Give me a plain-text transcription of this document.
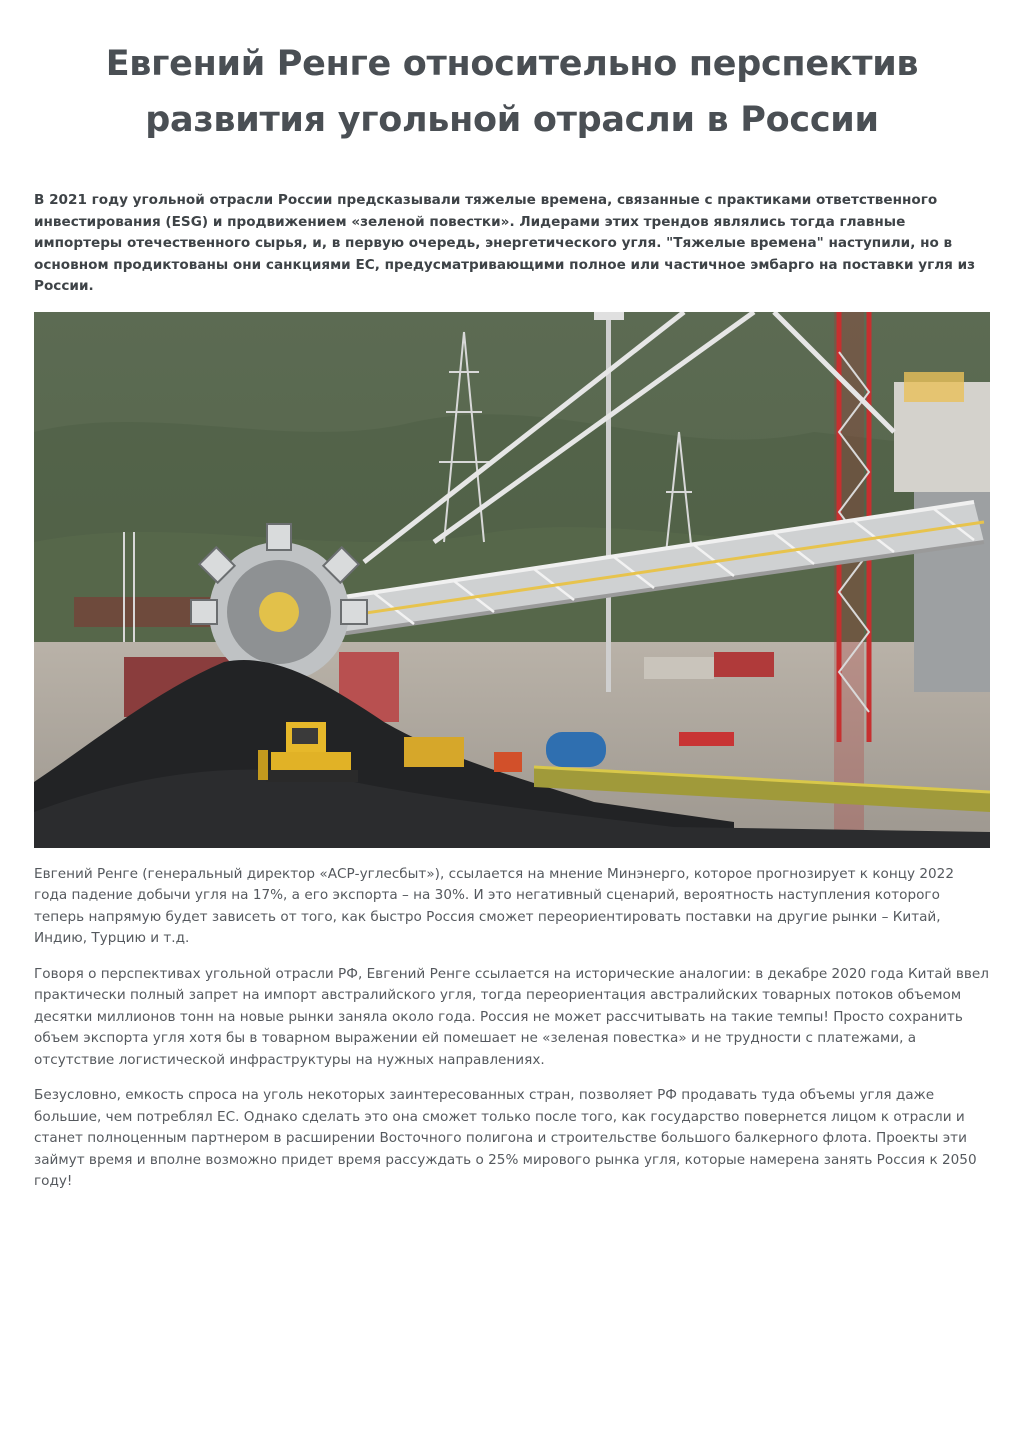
Евгений Ренге относительно перспектив развития угольной отрасли в России

В 2021 году угольной отрасли России предсказывали тяжелые времена, связанные с практиками ответственного инвестирования (ESG) и продвижением «зеленой повестки». Лидерами этих трендов являлись тогда главные импортеры отечественного сырья, и, в первую очередь, энергетического угля. "Тяжелые времена" наступили, но в основном продиктованы они санкциями ЕС, предусматривающими полное или частичное эмбарго на поставки угля из России.

Евгений Ренге (генеральный директор «АСР-углесбыт»), ссылается на мнение Минэнерго, которое прогнозирует к концу 2022 года падение добычи угля на 17%, а его экспорта – на 30%. И это негативный сценарий, вероятность наступления которого теперь напрямую будет зависеть от того, как быстро Россия сможет переориентировать поставки на другие рынки – Китай, Индию, Турцию и т.д.

Говоря о перспективах угольной отрасли РФ, Евгений Ренге ссылается на исторические аналогии: в декабре 2020 года Китай ввел практически полный запрет на импорт австралийского угля, тогда переориентация австралийских товарных потоков объемом десятки миллионов тонн на новые рынки заняла около года. Россия не может рассчитывать на такие темпы! Просто сохранить объем экспорта угля хотя бы в товарном выражении ей помешает не «зеленая повестка» и не трудности с платежами, а отсутствие логистической инфраструктуры на нужных направлениях.

Безусловно, емкость спроса на уголь некоторых заинтересованных стран, позволяет РФ продавать туда объемы угля даже большие, чем потреблял ЕС. Однако сделать это она сможет только после того, как государство повернется лицом к отрасли и станет полноценным партнером в расширении Восточного полигона и строительстве большого балкерного флота. Проекты эти займут время и вполне возможно придет время рассуждать о 25% мирового рынка угля, которые намерена занять Россия к 2050 году!
